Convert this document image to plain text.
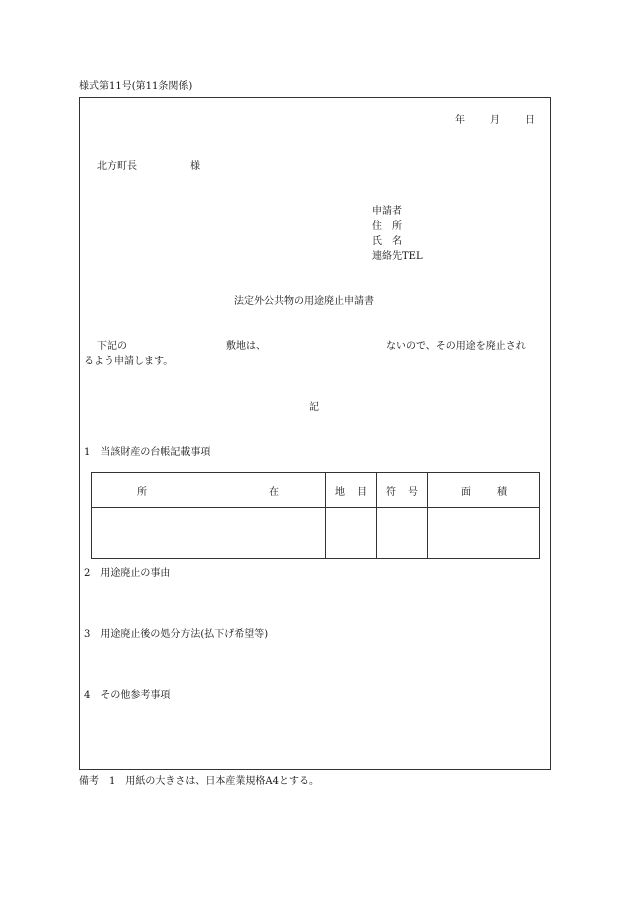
様式第11号(第11条関係)
年	月	日
北方町長	様
申請者
住　所
氏　名
連絡先TEL
法定外公共物の用途廃止申請書
下記の	敷地は、	ないので、その用途を廃止され
るよう申請します。
記
1　当該財産の台帳記載事項
所 在	地 目	符 号	面 積

2　用途廃止の事由
3　用途廃止後の処分方法(払下げ希望等)
4　その他参考事項
備考　1　用紙の大きさは、日本産業規格A4とする。
